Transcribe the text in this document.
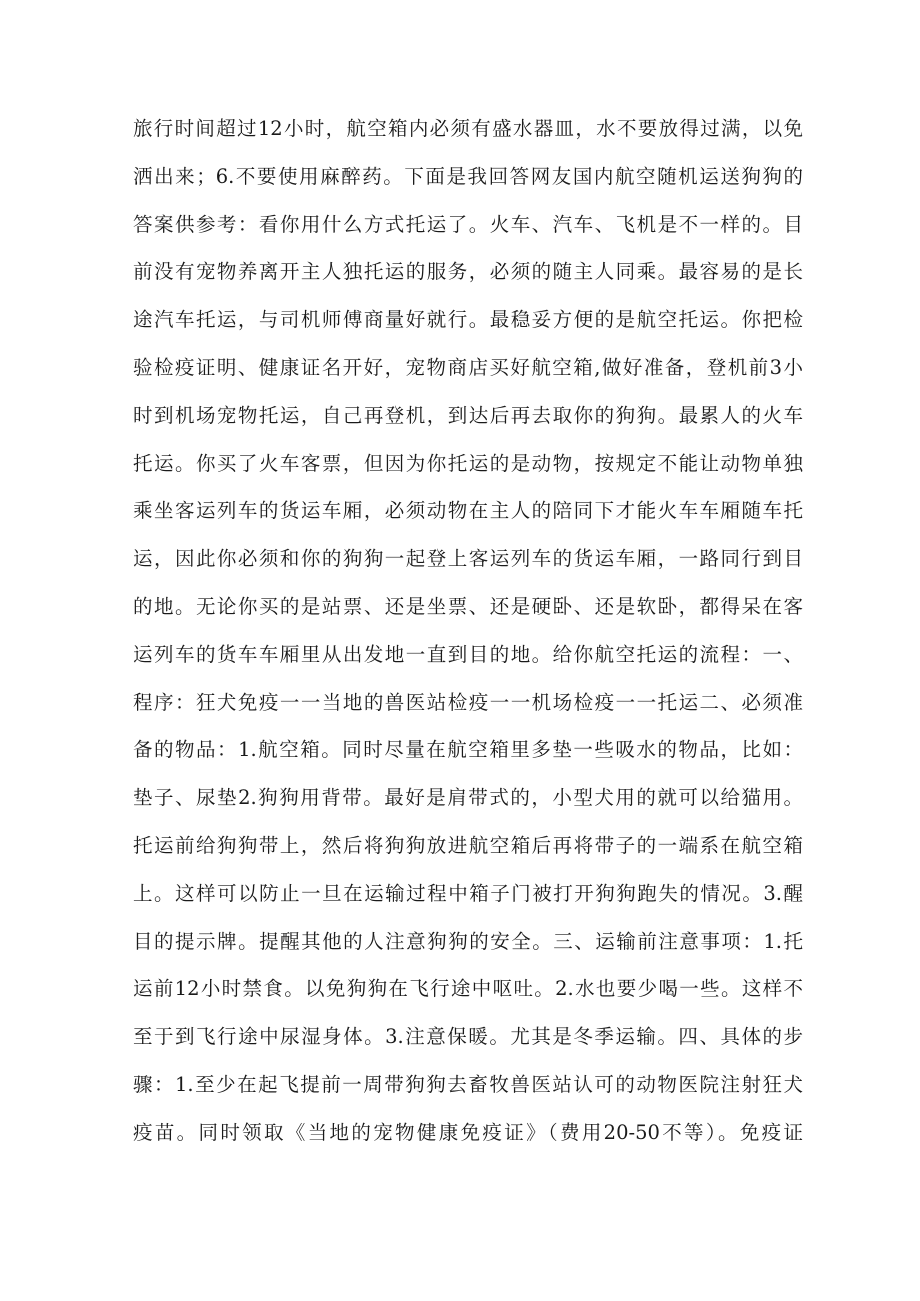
旅行时间超过12小时，航空箱内必须有盛水器皿，水不要放得过满，以免
洒出来；6.不要使用麻醉药。下面是我回答网友国内航空随机运送狗狗的
答案供参考：看你用什么方式托运了。火车、汽车、飞机是不一样的。目
前没有宠物养离开主人独托运的服务，必须的随主人同乘。最容易的是长
途汽车托运，与司机师傅商量好就行。最稳妥方便的是航空托运。你把检
验检疫证明、健康证名开好，宠物商店买好航空箱,做好准备，登机前3小
时到机场宠物托运，自己再登机，到达后再去取你的狗狗。最累人的火车
托运。你买了火车客票，但因为你托运的是动物，按规定不能让动物单独
乘坐客运列车的货运车厢，必须动物在主人的陪同下才能火车车厢随车托
运，因此你必须和你的狗狗一起登上客运列车的货运车厢，一路同行到目
的地。无论你买的是站票、还是坐票、还是硬卧、还是软卧，都得呆在客
运列车的货车车厢里从出发地一直到目的地。给你航空托运的流程：一、
程序：狂犬免疫一一当地的兽医站检疫一一机场检疫一一托运二、必须准
备的物品：1.航空箱。同时尽量在航空箱里多垫一些吸水的物品，比如：
垫子、尿垫2.狗狗用背带。最好是肩带式的，小型犬用的就可以给猫用。
托运前给狗狗带上，然后将狗狗放进航空箱后再将带子的一端系在航空箱
上。这样可以防止一旦在运输过程中箱子门被打开狗狗跑失的情况。3.醒
目的提示牌。提醒其他的人注意狗狗的安全。三、运输前注意事项：1.托
运前12小时禁食。以免狗狗在飞行途中呕吐。2.水也要少喝一些。这样不
至于到飞行途中尿湿身体。3.注意保暖。尤其是冬季运输。四、具体的步
骤：1.至少在起飞提前一周带狗狗去畜牧兽医站认可的动物医院注射狂犬
疫苗。同时领取《当地的宠物健康免疫证》（费用20-50不等）。免疫证
